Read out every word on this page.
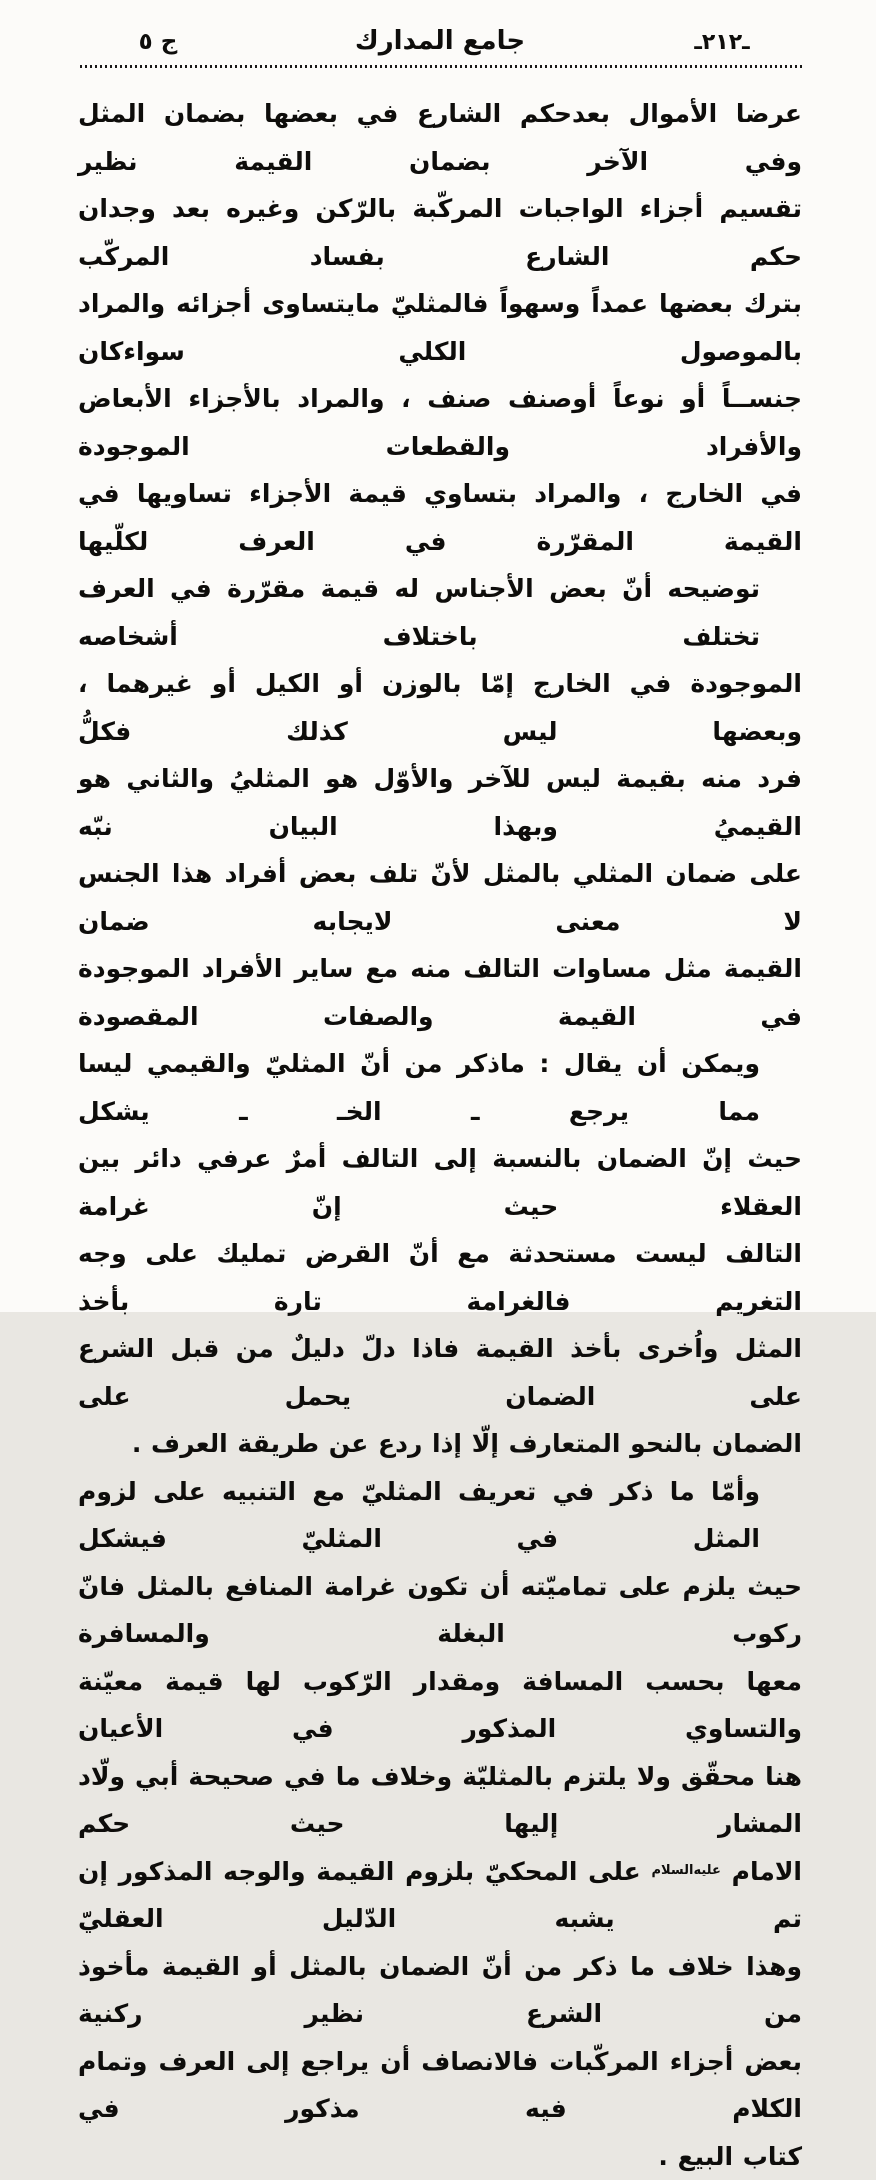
ـ٢١٢ـ
جامع المدارك
ج ٥
عرضا الأموال بعدحكم الشارع في بعضها بضمان المثل وفي الآخر بضمان القيمة نظير
تقسيم أجزاء الواجبات المركّبة بالرّكن وغيره بعد وجدان حكم الشارع بفساد المركّب
بترك بعضها عمداً وسهواً فالمثليّ مايتساوى أجزائه والمراد بالموصول الكلي سواءكان
جنســاً أو نوعاً أوصنف صنف ، والمراد بالأجزاء الأبعاض والأفراد والقطعات الموجودة
في الخارج ، والمراد بتساوي قيمة الأجزاء تساويها في القيمة المقرّرة في العرف لكلّيها
توضيحه أنّ بعض الأجناس له قيمة مقرّرة في العرف تختلف باختلاف أشخاصه
الموجودة في الخارج إمّا بالوزن أو الكيل أو غيرهما ، وبعضها ليس كذلك فكلُّ
فرد منه بقيمة ليس للآخر والأوّل هو المثليُ والثاني هو القيميُ وبهذا البيان نبّه
على ضمان المثلي بالمثل لأنّ تلف بعض أفراد هذا الجنس لا معنى لايجابه ضمان
القيمة مثل مساوات التالف منه مع ساير الأفراد الموجودة في القيمة والصفات المقصودة
ويمكن أن يقال : ماذكر من أنّ المثليّ والقيمي ليسا مما يرجع ـ الخـ ـ يشكل
حيث إنّ الضمان بالنسبة إلى التالف أمرٌ عرفي دائر بين العقلاء حيث إنّ غرامة
التالف ليست مستحدثة مع أنّ القرض تمليك على وجه التغريم فالغرامة تارة بأخذ
المثل واُخرى بأخذ القيمة فاذا دلّ دليلٌ من قبل الشرع على الضمان يحمل على
الضمان بالنحو المتعارف إلّا إذا ردع عن طريقة العرف .
وأمّا ما ذكر في تعريف المثليّ مع التنبيه على لزوم المثل في المثليّ فيشكل
حيث يلزم على تماميّته أن تكون غرامة المنافع بالمثل فانّ ركوب البغلة والمسافرة
معها بحسب المسافة ومقدار الرّكوب لها قيمة معيّنة والتساوي المذكور في الأعيان
هنا محقّق ولا يلتزم بالمثليّة وخلاف ما في صحيحة أبي ولّاد المشار إليها حيث حكم
الامام عليه‌السلام على المحكيّ بلزوم القيمة والوجه المذكور إن تم يشبه الدّليل العقليّ
وهذا خلاف ما ذكر من أنّ الضمان بالمثل أو القيمة مأخوذ من الشرع نظير ركنية
بعض أجزاء المركّبات فالانصاف أن يراجع إلى العرف وتمام الكلام فيه مذكور في
كتاب البيع .
